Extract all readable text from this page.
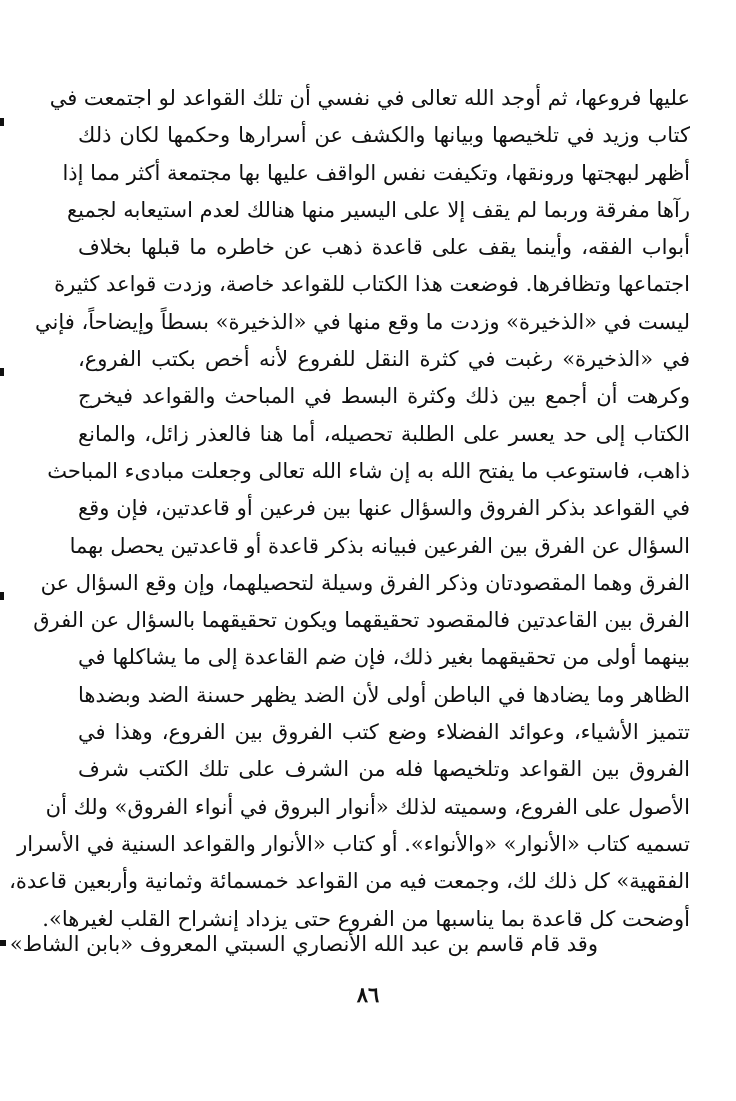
عليها فروعها، ثم أوجد الله تعالى في نفسي أن تلك القواعد لو اجتمعت في
كتاب وزيد في تلخيصها وبيانها والكشف عن أسرارها وحكمها لكان ذلك
أظهر لبهجتها ورونقها، وتكيفت نفس الواقف عليها بها مجتمعة أكثر مما إذا
رآها مفرقة وربما لم يقف إلا على اليسير منها هنالك لعدم استيعابه لجميع
أبواب الفقه، وأينما يقف على قاعدة ذهب عن خاطره ما قبلها بخلاف
اجتماعها وتظافرها. فوضعت هذا الكتاب للقواعد خاصة، وزدت قواعد كثيرة
ليست في «الذخيرة» وزدت ما وقع منها في «الذخيرة» بسطاً وإيضاحاً، فإني
في «الذخيرة» رغبت في كثرة النقل للفروع لأنه أخص بكتب الفروع،
وكرهت أن أجمع بين ذلك وكثرة البسط في المباحث والقواعد فيخرج
الكتاب إلى حد يعسر على الطلبة تحصيله، أما هنا فالعذر زائل، والمانع
ذاهب، فاستوعب ما يفتح الله به إن شاء الله تعالى وجعلت مبادىء المباحث
في القواعد بذكر الفروق والسؤال عنها بين فرعين أو قاعدتين، فإن وقع
السؤال عن الفرق بين الفرعين فبيانه بذكر قاعدة أو قاعدتين يحصل بهما
الفرق وهما المقصودتان وذكر الفرق وسيلة لتحصيلهما، وإن وقع السؤال عن
الفرق بين القاعدتين فالمقصود تحقيقهما ويكون تحقيقهما بالسؤال عن الفرق
بينهما أولى من تحقيقهما بغير ذلك، فإن ضم القاعدة إلى ما يشاكلها في
الظاهر وما يضادها في الباطن أولى لأن الضد يظهر حسنة الضد وبضدها
تتميز الأشياء، وعوائد الفضلاء وضع كتب الفروق بين الفروع، وهذا في
الفروق بين القواعد وتلخيصها فله من الشرف على تلك الكتب شرف
الأصول على الفروع، وسميته لذلك «أنوار البروق في أنواء الفروق» ولك أن
تسميه كتاب «الأنوار» «والأنواء». أو كتاب «الأنوار والقواعد السنية في الأسرار
الفقهية» كل ذلك لك، وجمعت فيه من القواعد خمسمائة وثمانية وأربعين قاعدة،
أوضحت كل قاعدة بما يناسبها من الفروع حتى يزداد إنشراح القلب لغيرها».
وقد قام قاسم بن عبد الله الأنصاري السبتي المعروف «بابن الشاط»
٨٦
